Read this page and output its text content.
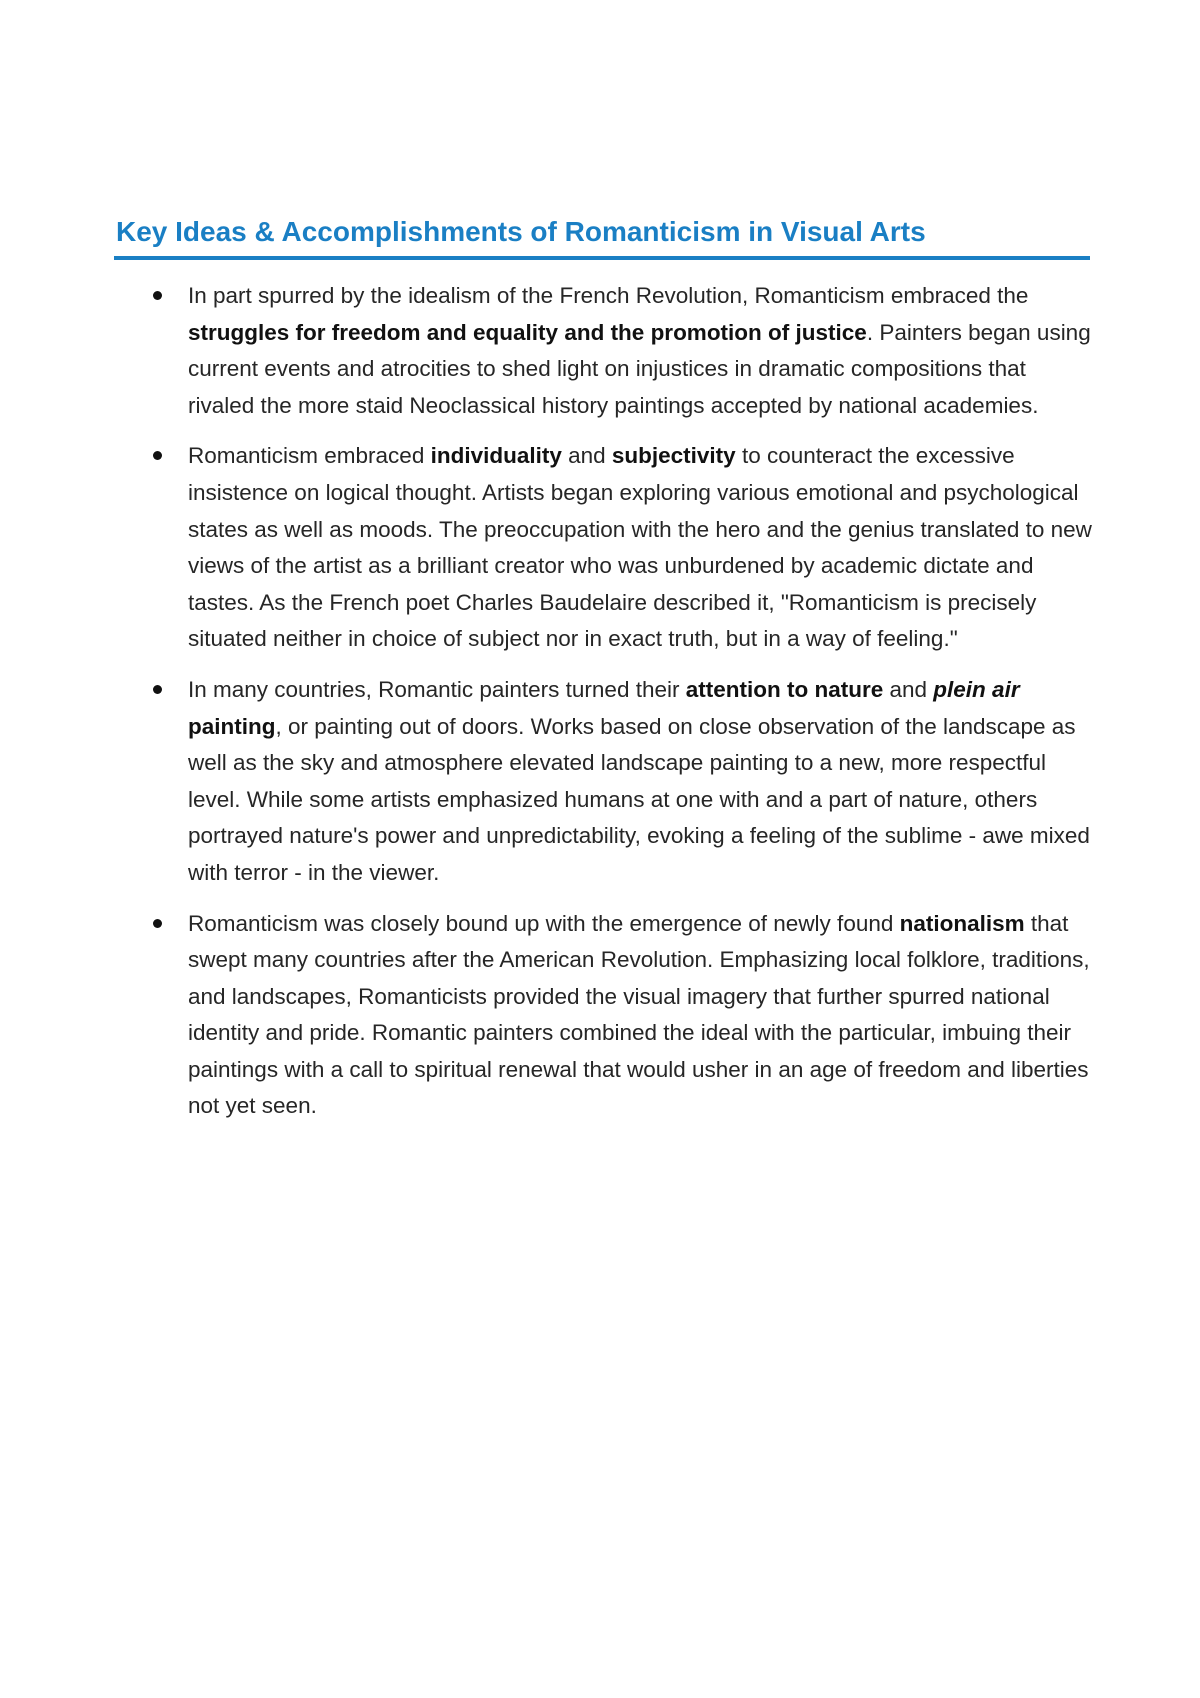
Key Ideas & Accomplishments of Romanticism in Visual Arts

In part spurred by the idealism of the French Revolution, Romanticism embraced the struggles for freedom and equality and the promotion of justice. Painters began using current events and atrocities to shed light on injustices in dramatic compositions that rivaled the more staid Neoclassical history paintings accepted by national academies.

Romanticism embraced individuality and subjectivity to counteract the excessive insistence on logical thought. Artists began exploring various emotional and psychological states as well as moods. The preoccupation with the hero and the genius translated to new views of the artist as a brilliant creator who was unburdened by academic dictate and tastes. As the French poet Charles Baudelaire described it, "Romanticism is precisely situated neither in choice of subject nor in exact truth, but in a way of feeling."

In many countries, Romantic painters turned their attention to nature and plein air painting, or painting out of doors. Works based on close observation of the landscape as well as the sky and atmosphere elevated landscape painting to a new, more respectful level. While some artists emphasized humans at one with and a part of nature, others portrayed nature's power and unpredictability, evoking a feeling of the sublime - awe mixed with terror - in the viewer.

Romanticism was closely bound up with the emergence of newly found nationalism that swept many countries after the American Revolution. Emphasizing local folklore, traditions, and landscapes, Romanticists provided the visual imagery that further spurred national identity and pride. Romantic painters combined the ideal with the particular, imbuing their paintings with a call to spiritual renewal that would usher in an age of freedom and liberties not yet seen.
